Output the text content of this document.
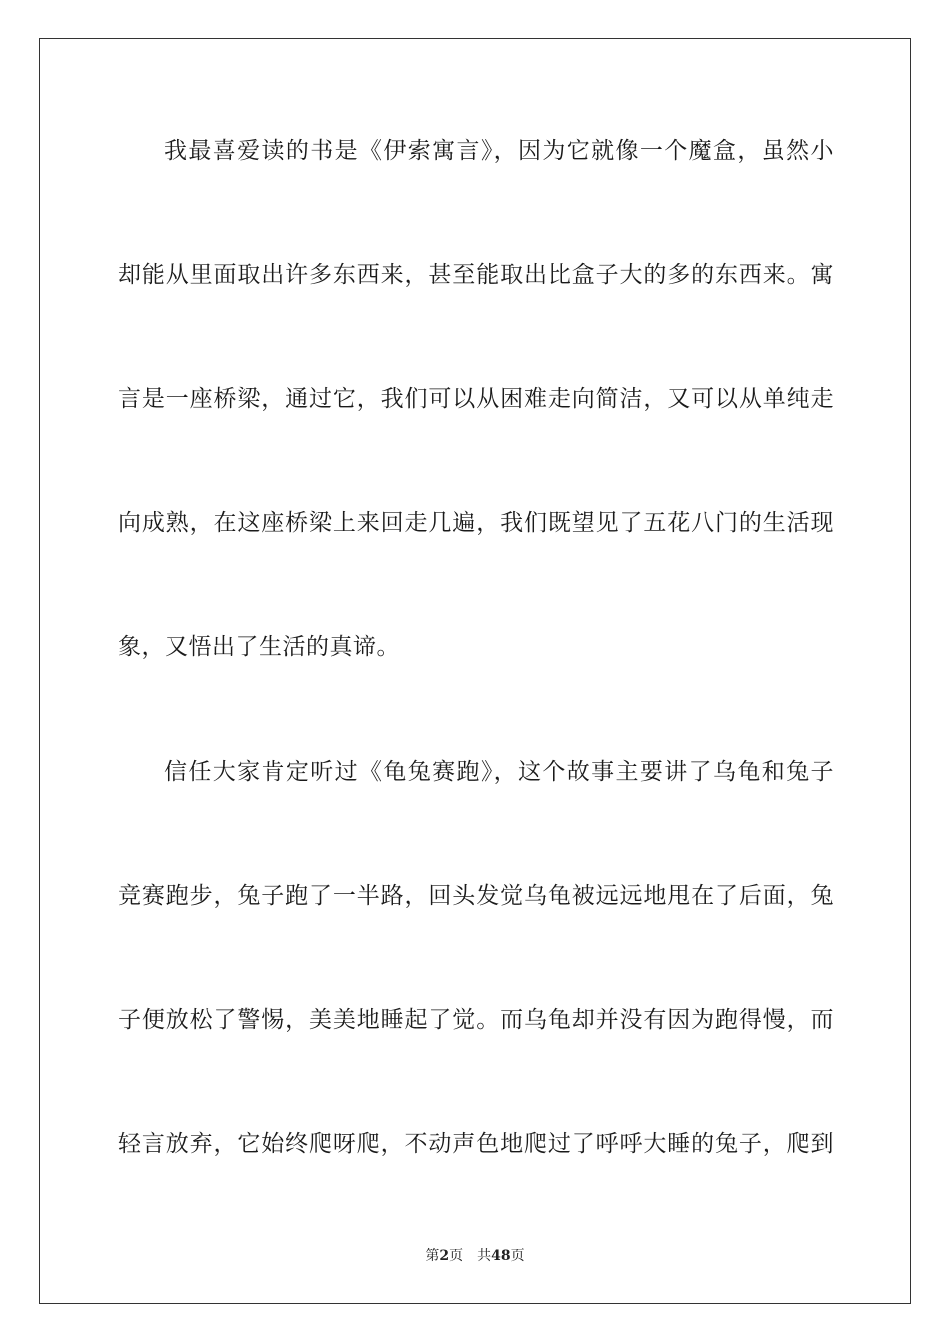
我最喜爱读的书是《伊索寓言》，因为它就像一个魔盒，虽然小
却能从里面取出许多东西来，甚至能取出比盒子大的多的东西来。寓
言是一座桥梁，通过它，我们可以从困难走向简洁，又可以从单纯走
向成熟，在这座桥梁上来回走几遍，我们既望见了五花八门的生活现
象，又悟出了生活的真谛。
信任大家肯定听过《龟兔赛跑》，这个故事主要讲了乌龟和兔子
竞赛跑步，兔子跑了一半路，回头发觉乌龟被远远地甩在了后面，兔
子便放松了警惕，美美地睡起了觉。而乌龟却并没有因为跑得慢，而
轻言放弃，它始终爬呀爬，不动声色地爬过了呼呼大睡的兔子，爬到
第2页 共48页
